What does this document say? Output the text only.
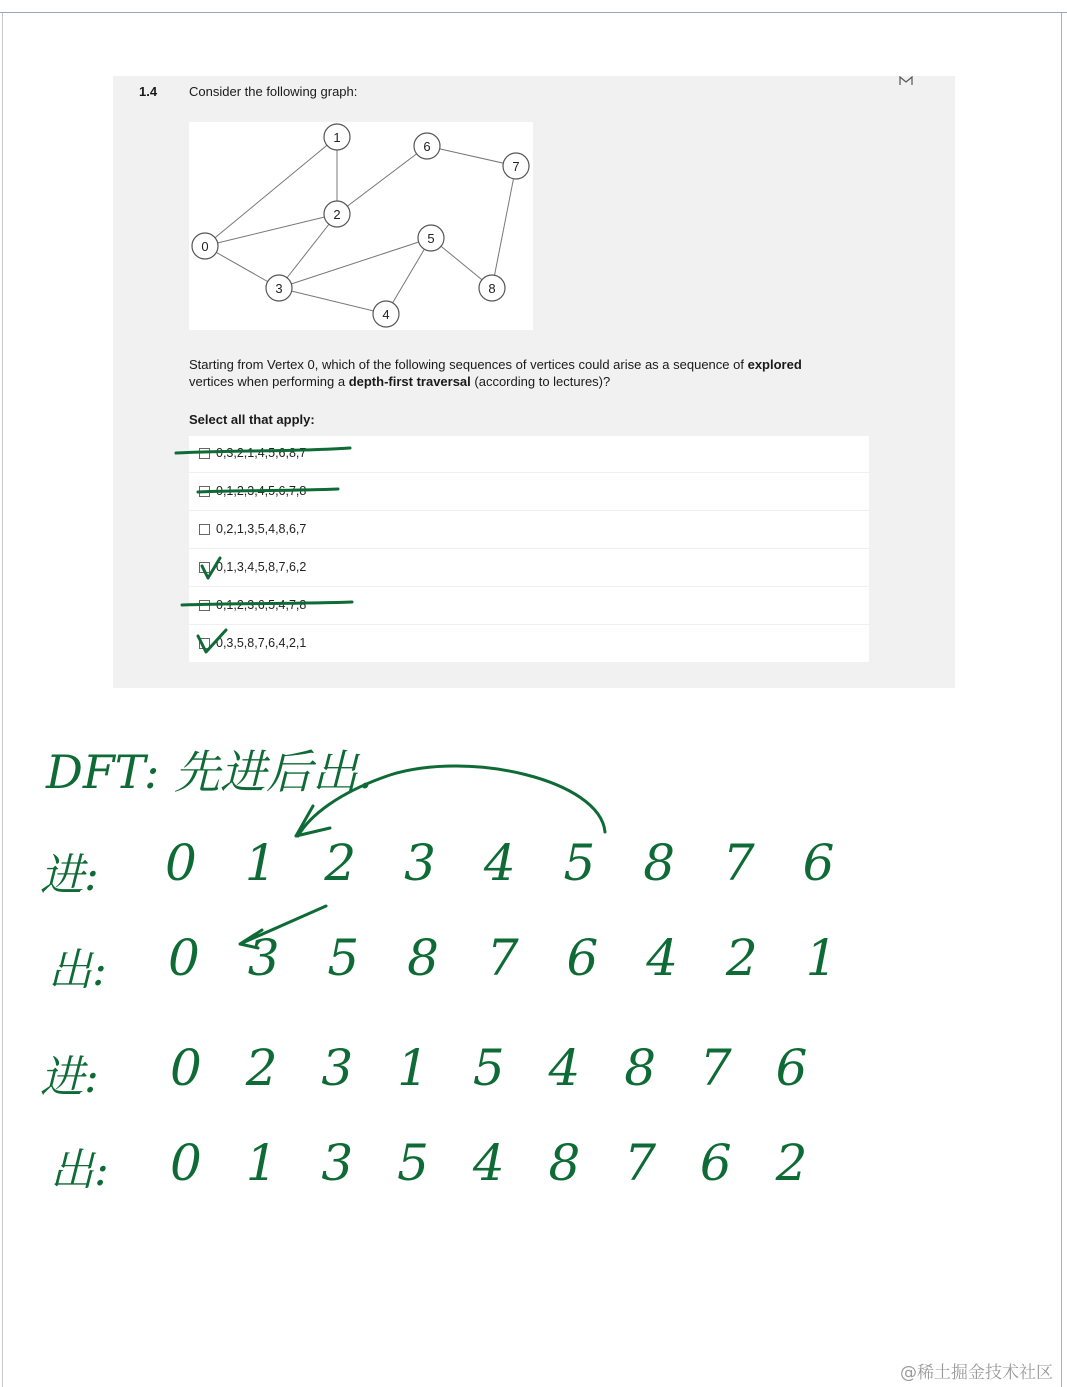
1.4 Consider the following graph:
0
1
2
3
4
5
6
7
8
Starting from Vertex 0, which of the following sequences of vertices could arise as a sequence of explored
vertices when performing a depth-first traversal (according to lectures)?
Select all that apply:
0,3,2,1,4,5,6,8,7
0,1,2,3,4,5,6,7,8
0,2,1,3,5,4,8,6,7
0,1,3,4,5,8,7,6,2
0,1,2,3,6,5,4,7,8
0,3,5,8,7,6,4,2,1
DFT: 先进后出.
进: 0 1 2 3 4 5 8 7 6
出: 0 3 5 8 7 6 4 2 1
进: 0 2 3 1 5 4 8 7 6
出: 0 1 3 5 4 8 7 6 2
@稀土掘金技术社区
